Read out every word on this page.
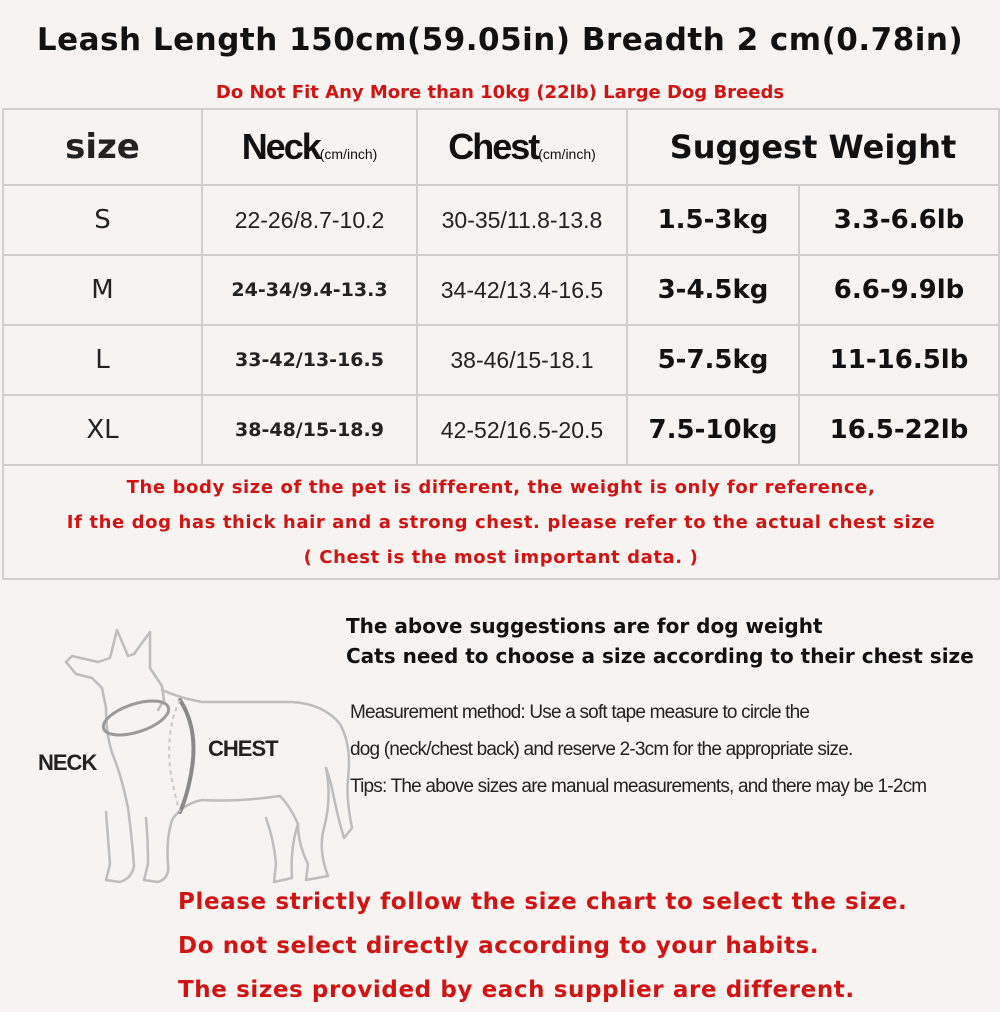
Leash Length 150cm(59.05in) Breadth 2 cm(0.78in)
Do Not Fit Any More than 10kg (22lb) Large Dog Breeds
size	Neck(cm/inch)	Chest(cm/inch)	Suggest Weight	
S	22-26/8.7-10.2	30-35/11.8-13.8	1.5-3kg	3.3-6.6lb
M	24-34/9.4-13.3	34-42/13.4-16.5	3-4.5kg	6.6-9.9lb
L	33-42/13-16.5	38-46/15-18.1	5-7.5kg	11-16.5lb
XL	38-48/15-18.9	42-52/16.5-20.5	7.5-10kg	16.5-22lb

The body size of the pet is different, the weight is only for reference,
If the dog has thick hair and a strong chest. please refer to the actual chest size
( Chest is the most important data. )				
NECK
CHEST
The above suggestions are for dog weight
Cats need to choose a size according to their chest size
Measurement method: Use a soft tape measure to circle the
dog (neck/chest back) and reserve 2-3cm for the appropriate size.
Tips: The above sizes are manual measurements, and there may be 1-2cm
Please strictly follow the size chart to select the size.
Do not select directly according to your habits.
The sizes provided by each supplier are different.
